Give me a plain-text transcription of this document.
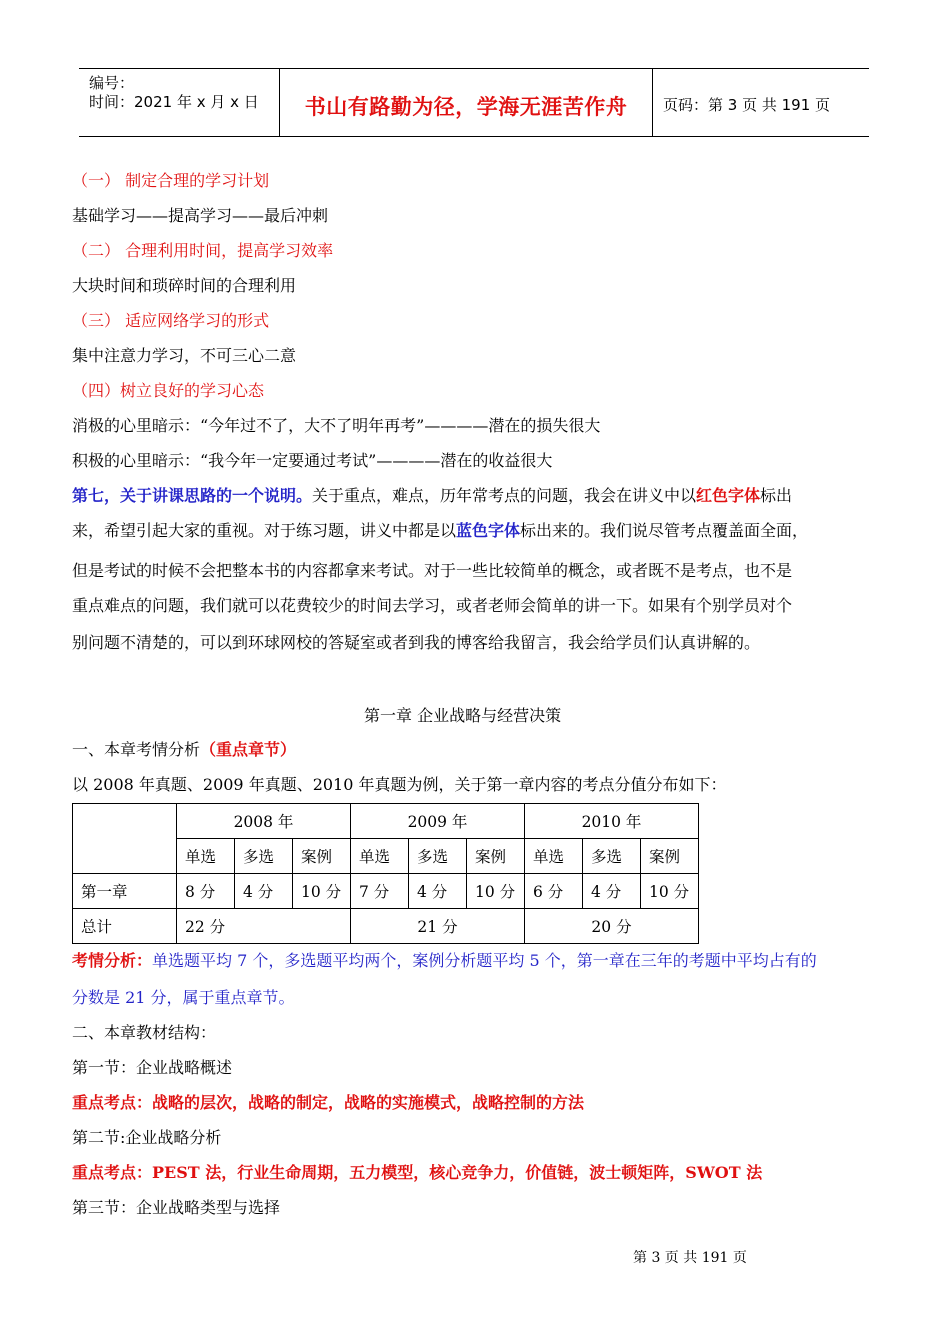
编号：
时间：2021 年 x 月 x 日	书山有路勤为径，学海无涯苦作舟	页码：第 3 页 共 191 页
（一） 制定合理的学习计划
基础学习——提高学习——最后冲刺
（二） 合理利用时间，提高学习效率
大块时间和琐碎时间的合理利用
（三） 适应网络学习的形式
集中注意力学习，不可三心二意
（四）树立良好的学习心态
消极的心里暗示：“今年过不了，大不了明年再考”————潜在的损失很大
积极的心里暗示：“我今年一定要通过考试”————潜在的收益很大
第七，关于讲课思路的一个说明。关于重点，难点，历年常考点的问题，我会在讲义中以红色字体标出
来，希望引起大家的重视。对于练习题，讲义中都是以蓝色字体标出来的。我们说尽管考点覆盖面全面，
但是考试的时候不会把整本书的内容都拿来考试。对于一些比较简单的概念，或者既不是考点，也不是
重点难点的问题，我们就可以花费较少的时间去学习，或者老师会简单的讲一下。如果有个别学员对个
别问题不清楚的，可以到环球网校的答疑室或者到我的博客给我留言，我会给学员们认真讲解的。
第一章 企业战略与经营决策
一、本章考情分析（重点章节）
以 2008 年真题、2009 年真题、2010 年真题为例，关于第一章内容的考点分值分布如下：
	2008 年			2009 年			2010 年		
	单选	多选	案例	单选	多选	案例	单选	多选	案例
第一章	8 分	4 分	10 分	7 分	4 分	10 分	6 分	4 分	10 分
总计	22 分			21 分			20 分		
考情分析：单选题平均 7 个，多选题平均两个，案例分析题平均 5 个，第一章在三年的考题中平均占有的
分数是 21 分，属于重点章节。
二、本章教材结构：
第一节：企业战略概述
重点考点：战略的层次，战略的制定，战略的实施模式，战略控制的方法
第二节:企业战略分析
重点考点：PEST 法，行业生命周期，五力模型，核心竞争力，价值链，波士顿矩阵，SWOT 法
第三节：企业战略类型与选择
第 3 页 共 191 页
